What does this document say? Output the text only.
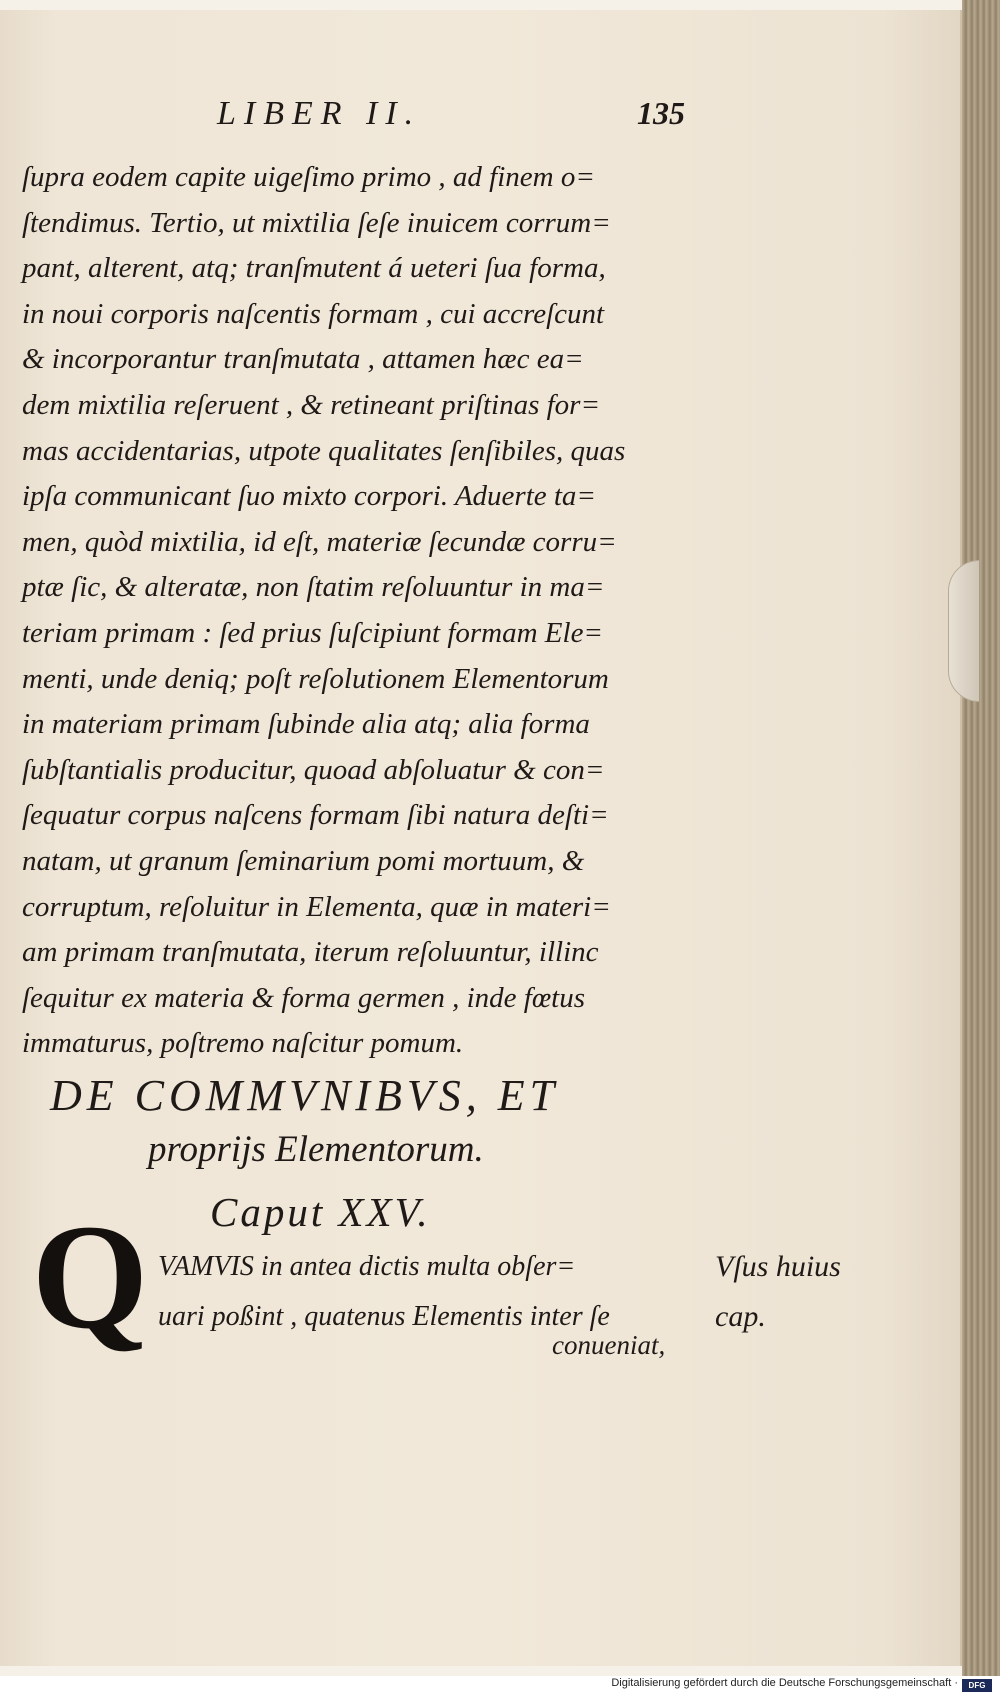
LIBER II.	135
ſupra eodem capite uigeſimo primo , ad finem o=
ſtendimus. Tertio, ut mixtilia ſeſe inuicem corrum=
pant, alterent, atq; tranſmutent á ueteri ſua forma,
in noui corporis naſcentis formam , cui accreſcunt
& incorporantur tranſmutata , attamen hæc ea=
dem mixtilia reſeruent , & retineant priſtinas for=
mas accidentarias, utpote qualitates ſenſibiles, quas
ipſa communicant ſuo mixto corpori. Aduerte ta=
men, quòd mixtilia, id eſt, materiæ ſecundæ corru=
ptæ ſic, & alteratæ, non ſtatim reſoluuntur in ma=
teriam primam : ſed prius ſuſcipiunt formam Ele=
menti, unde deniq; poſt reſolutionem Elementorum
in materiam primam ſubinde alia atq; alia forma
ſubſtantialis producitur, quoad abſoluatur & con=
ſequatur corpus naſcens formam ſibi natura deſti=
natam, ut granum ſeminarium pomi mortuum, &
corruptum, reſoluitur in Elementa, quæ in materi=
am primam tranſmutata, iterum reſoluuntur, illinc
ſequitur ex materia & forma germen , inde fœtus
immaturus, poſtremo naſcitur pomum.
DE COMMVNIBVS, ET
proprijs Elementorum.
Caput XXV.
Q VAMVIS in antea dictis multa obſer=
uari poßint , quatenus Elementis inter ſe
conueniat,
Vſus huius
cap.
Digitalisierung gefördert durch die Deutsche Forschungsgemeinschaft ·	DFG
